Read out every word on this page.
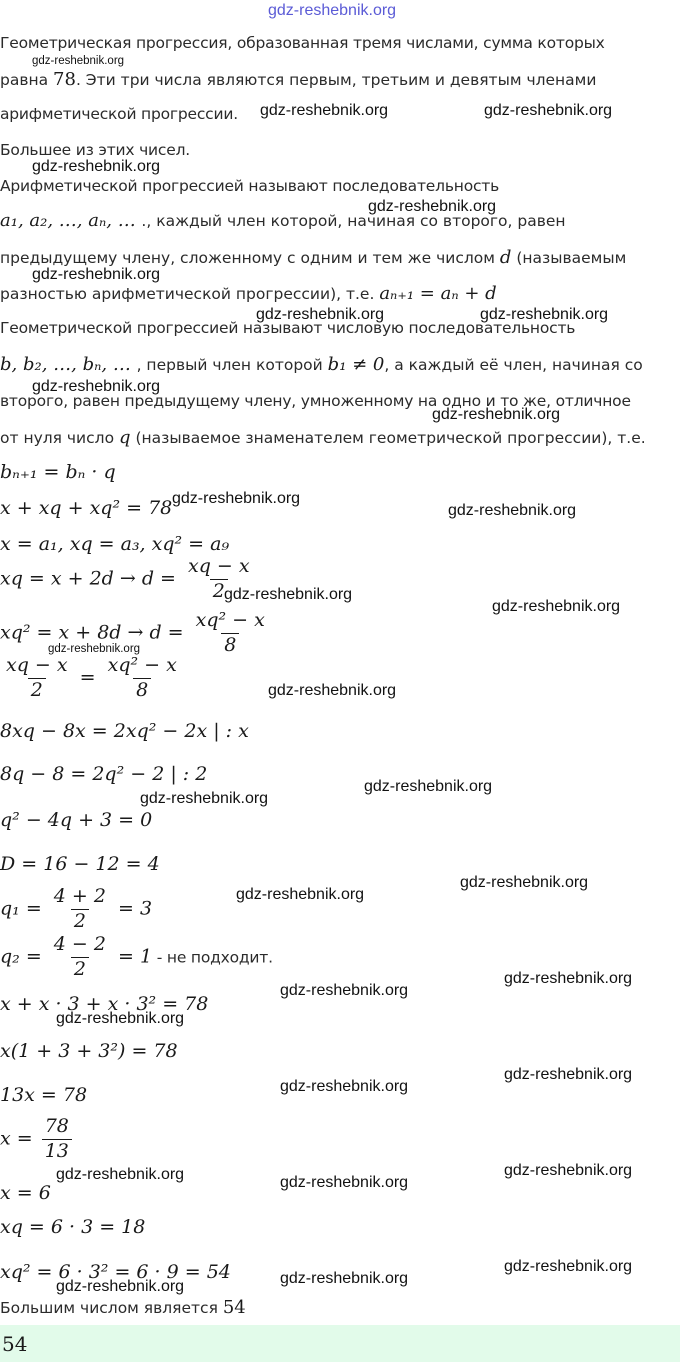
gdz-reshebnik.org
Геометрическая прогрессия, образованная тремя числами, сумма которых
равна 78. Эти три числа являются первым, третьим и девятым членами
арифметической прогрессии.
Большее из этих чисел.
Арифметической прогрессией называют последовательность
a₁, a₂, …, aₙ, … ., каждый член которой, начиная со второго, равен
предыдущему члену, сложенному с одним и тем же числом d (называемым
разностью арифметической прогрессии), т.е. aₙ₊₁ = aₙ + d
Геометрической прогрессией называют числовую последовательность
b, b₂, …, bₙ, … , первый член которой b₁ ≠ 0, а каждый её член, начиная со
второго, равен предыдущему члену, умноженному на одно и то же, отличное
от нуля число q (называемое знаменателем геометрической прогрессии), т.е.
bₙ₊₁ = bₙ · q
x + xq + xq² = 78
x = a₁, xq = a₃, xq² = a₉
xq = $x + 2d \to d = \frac{xq - x}{2}$
$xq^2 = x + 8d \to d = \frac{\text{xq² − x}}{8}$
$\frac{xq - x}{2} = \frac{\text{xq² − x}}{8}$
8xq − 8x = 2xq² − 2x | : x
8q − 8 = 2q² − 2 | : 2
q² − 4q + 3 = 0
D = 16 − 12 = 4
$q_1 = \frac{4 + 2}{2} = 3$
$q_2 = \frac{4 - 2}{2} = 1$ - не подходит.
x + x · 3 + x · 3² = 78
x(1 + 3 + 3²) = 78
13x = 78
$x = \frac{78}{13}$
x = 6
xq = 6 · 3 = 18
xq² = 6 · 3² = 6 · 9 = 54
Большим числом является 54
54
gdz-reshebnik.org
gdz-reshebnik.org	gdz-reshebnik.org
gdz-reshebnik.org
gdz-reshebnik.org
gdz-reshebnik.org
gdz-reshebnik.org	gdz-reshebnik.org
gdz-reshebnik.org
gdz-reshebnik.org
gdz-reshebnik.org
gdz-reshebnik.org
gdz-reshebnik.org
gdz-reshebnik.org
gdz-reshebnik.org
gdz-reshebnik.org
gdz-reshebnik.org
gdz-reshebnik.org
gdz-reshebnik.org
gdz-reshebnik.org
gdz-reshebnik.org
gdz-reshebnik.org
gdz-reshebnik.org
gdz-reshebnik.org
gdz-reshebnik.org
gdz-reshebnik.org	gdz-reshebnik.org
gdz-reshebnik.org
gdz-reshebnik.org
gdz-reshebnik.org
gdz-reshebnik.org
